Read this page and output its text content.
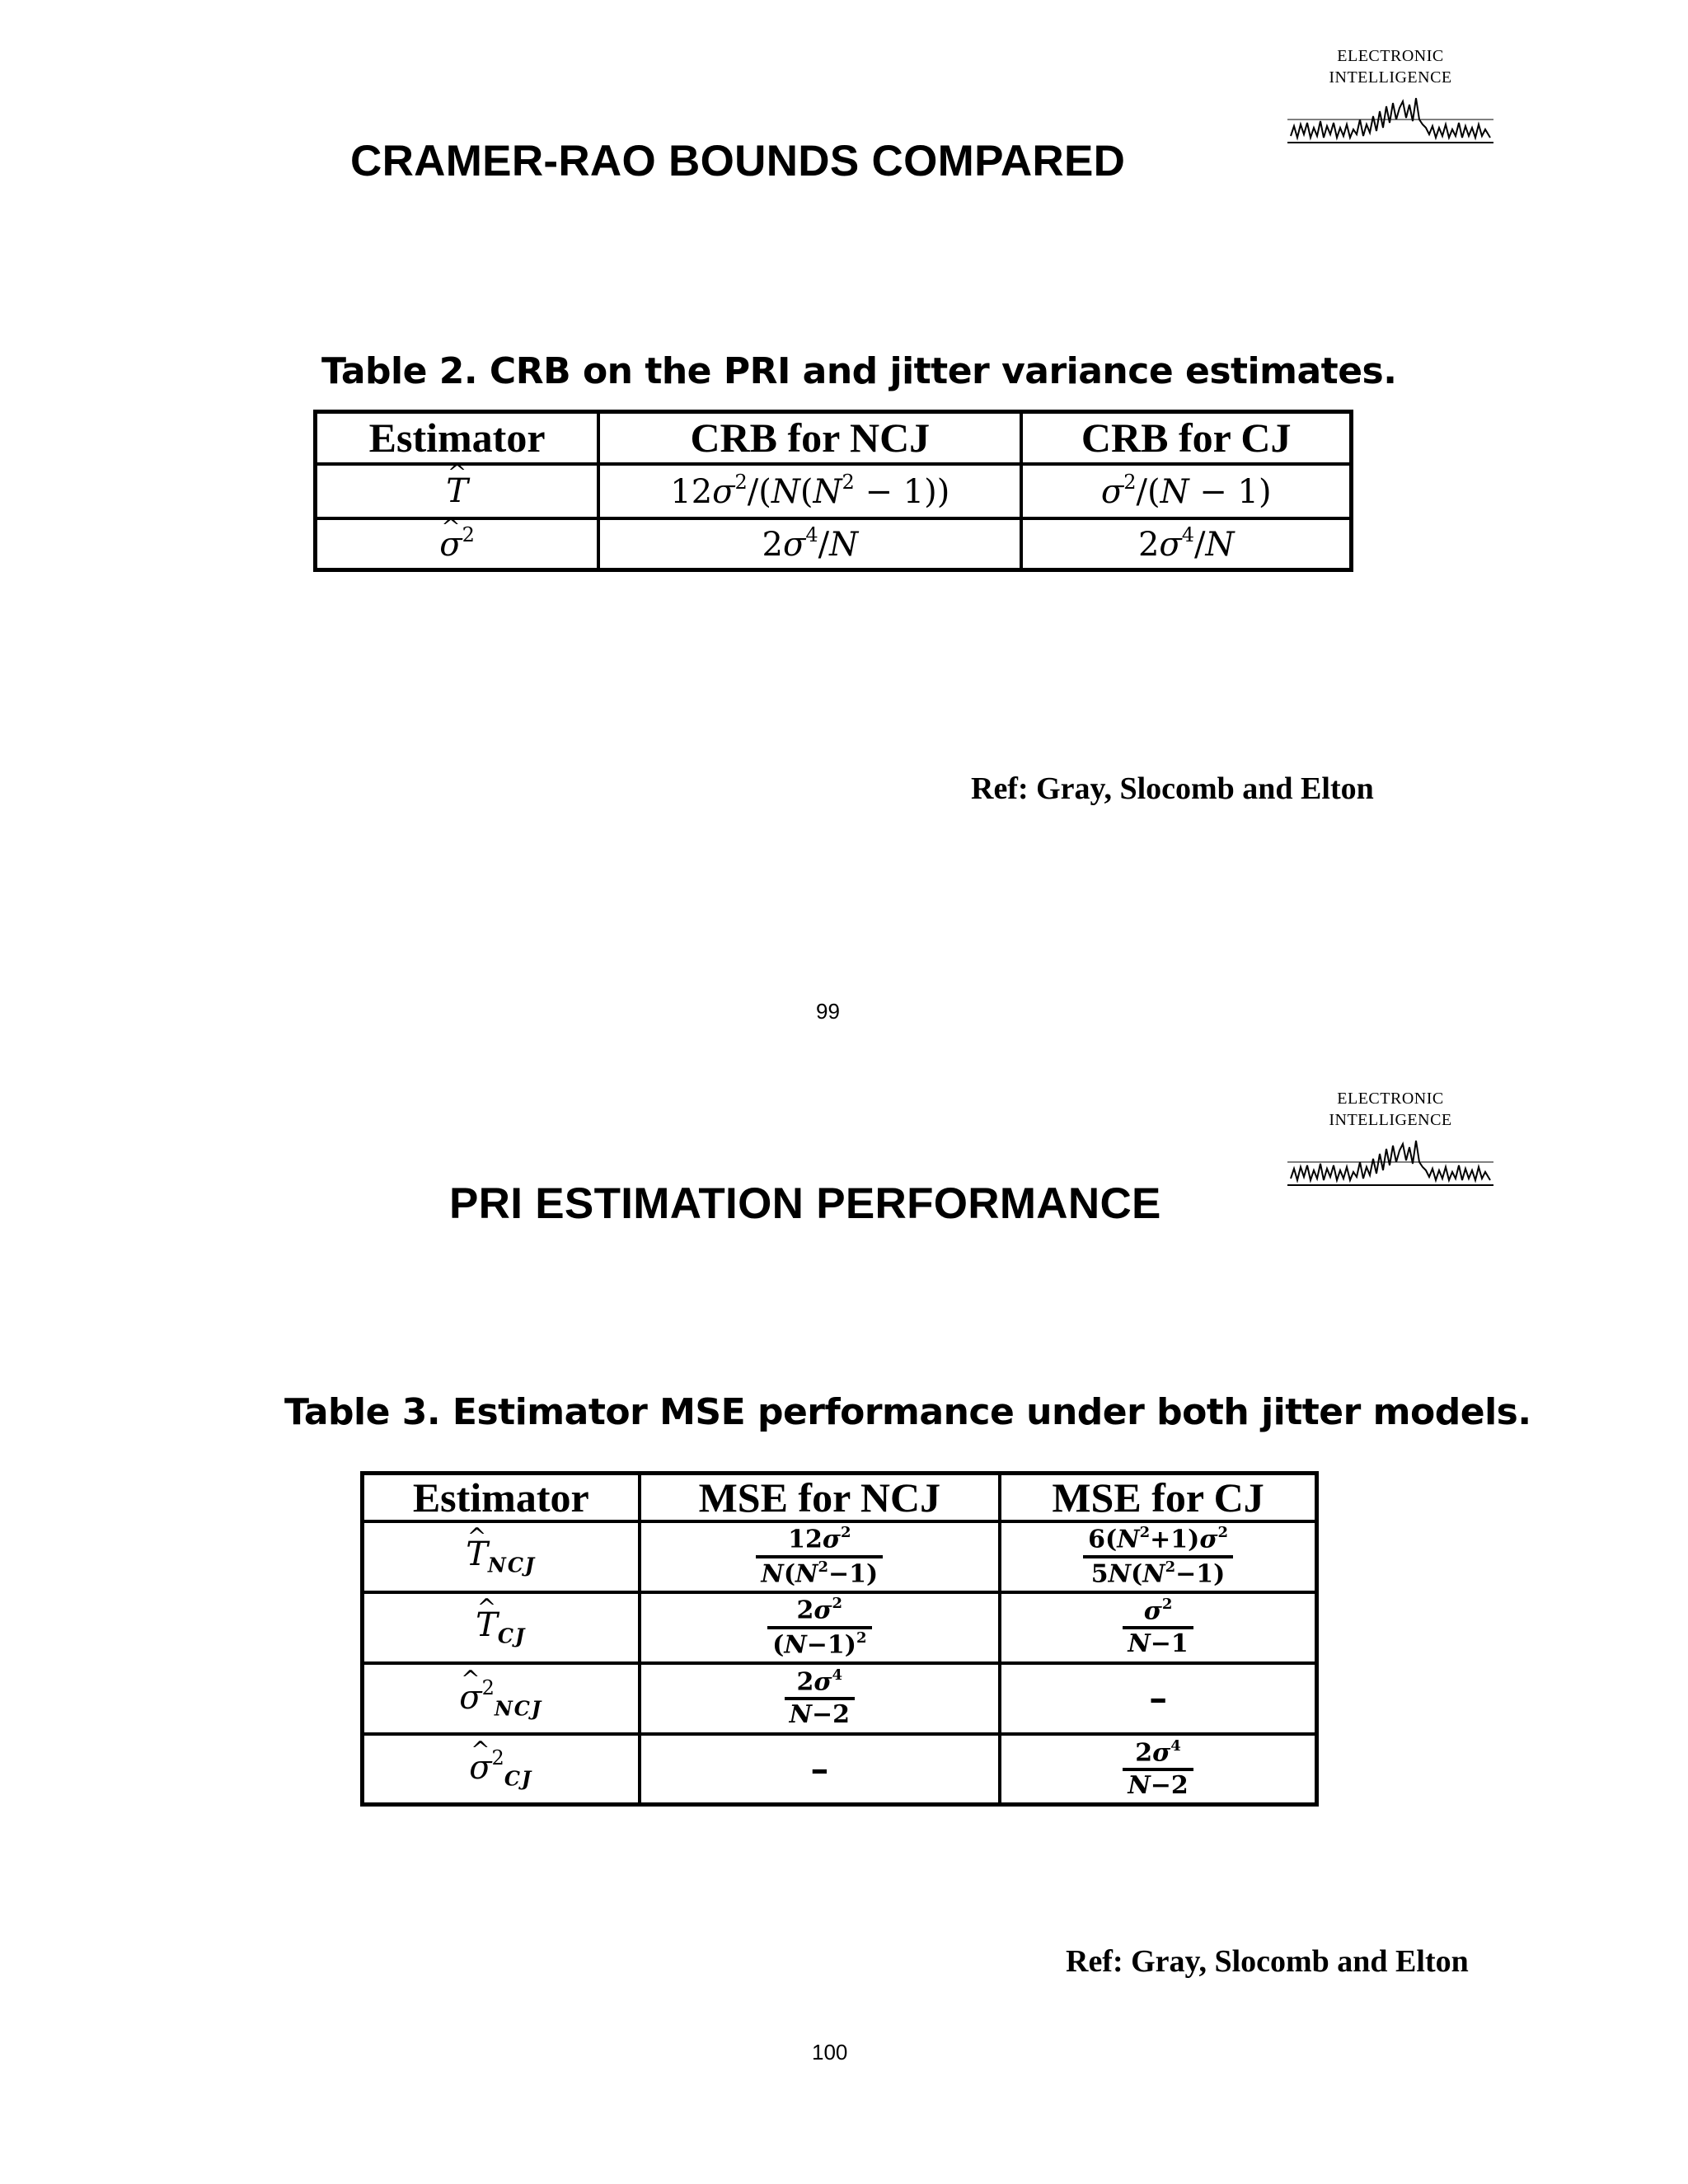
ELECTRONIC
INTELLIGENCE
CRAMER-RAO BOUNDS COMPARED
Table 2. CRB on the PRI and jitter variance estimates.
Estimator	CRB for NCJ	CRB for CJ
^ T	$12\sigma^2/(N(N^2 - 1))$	$\sigma^2/(N - 1)$
^ $\sigma^2$	$2\sigma^4/N$	$2\sigma^4/N$
Ref: Gray, Slocomb and Elton
99
ELECTRONIC
INTELLIGENCE
PRI ESTIMATION PERFORMANCE
Table 3. Estimator MSE performance under both jitter models.
Estimator	MSE for NCJ	MSE for CJ
^ $T_{NCJ}$	$\frac{12\sigma^2}{N(N^2-1)}$	$\frac{6(N^2+1)\sigma^2}{5N(N^2-1)}$

^ $T_{CJ}$	$\frac{2\sigma^2}{(N-1)^2}$	$\frac{\sigma^2}{N-1}$

^ $\sigma^2_{NCJ}$	$\frac{2\sigma^4}{N-2}$	–
^ $\sigma^2_{CJ}$	–	$\frac{2\sigma^4}{N-2}$
Ref: Gray, Slocomb and Elton
100
